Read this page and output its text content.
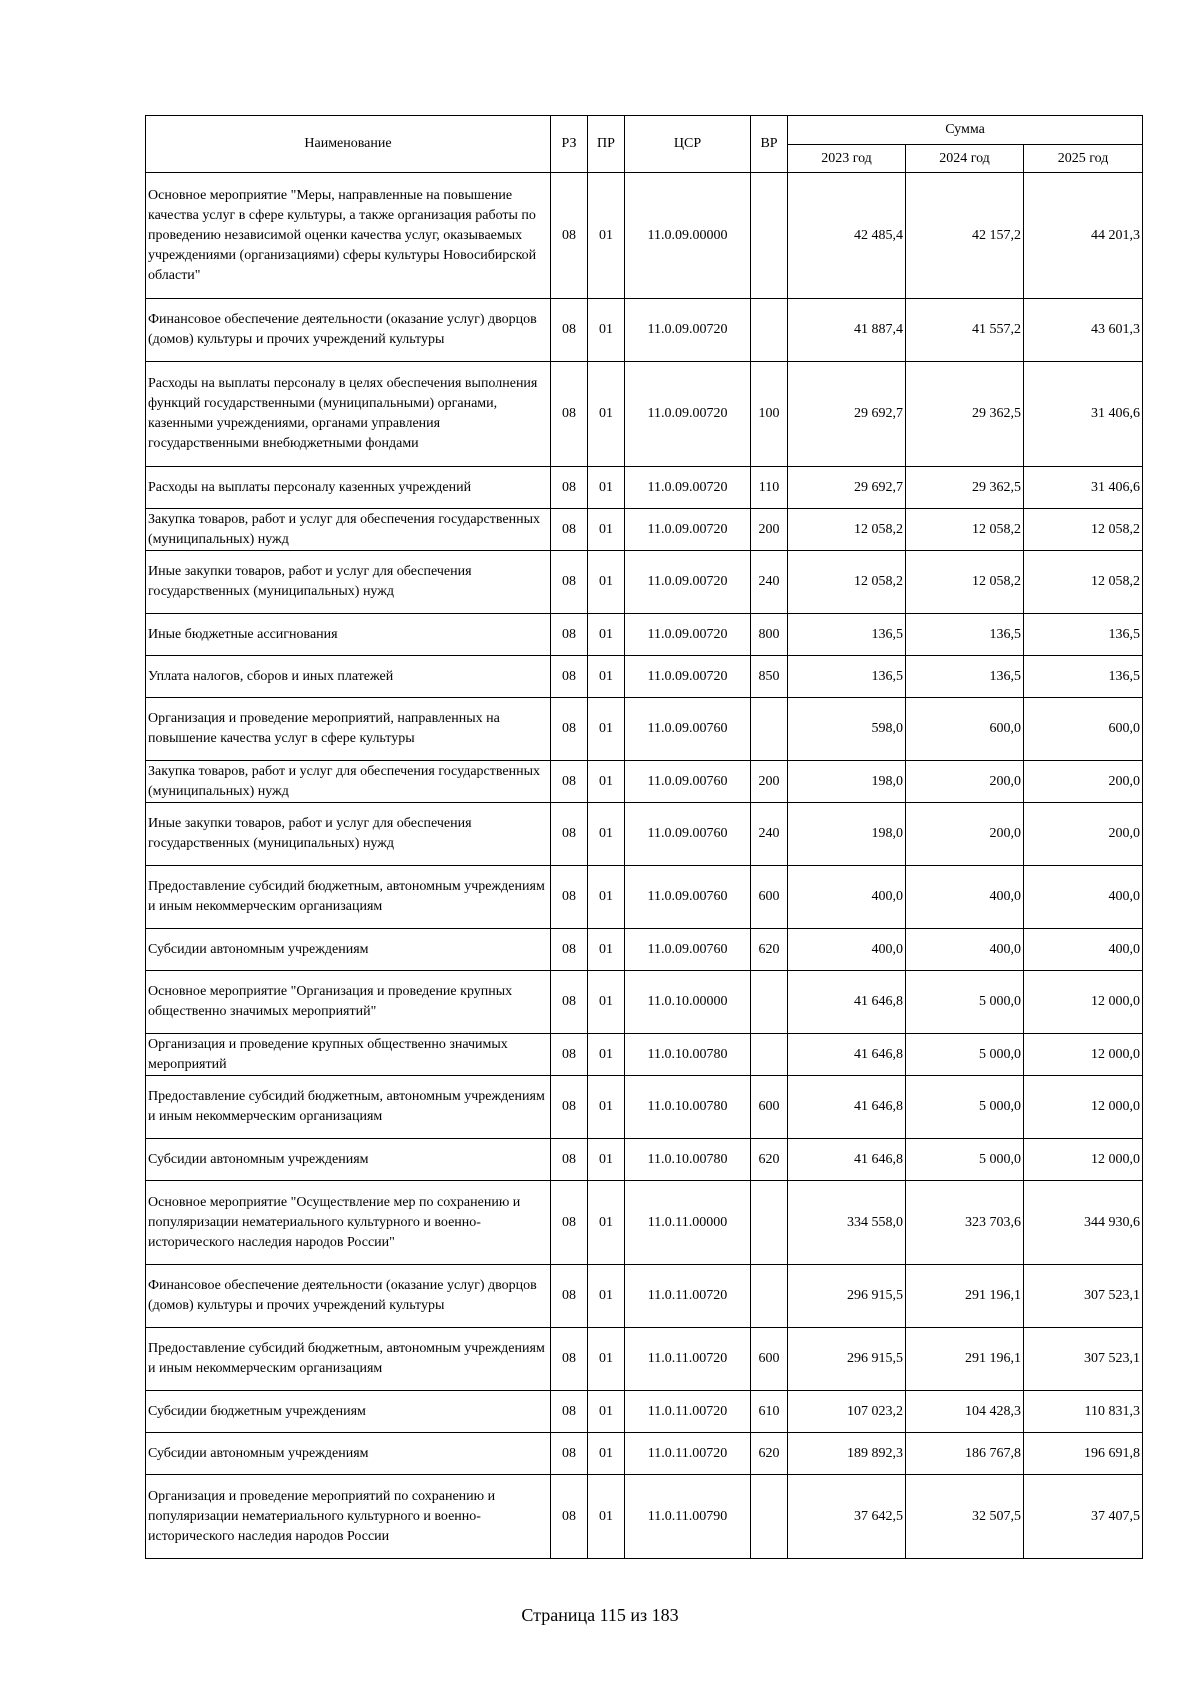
Наименование	РЗ	ПР	ЦСР	ВР	Сумма		
					2023 год	2024 год	2025 год
Основное мероприятие "Меры, направленные на повышение качества услуг в сфере культуры, а также организация работы по проведению независимой оценки качества услуг, оказываемых учреждениями (организациями) сферы культуры Новосибирской области"	08	01	11.0.09.00000		42 485,4	42 157,2	44 201,3
Финансовое обеспечение деятельности (оказание услуг) дворцов (домов) культуры и прочих учреждений культуры	08	01	11.0.09.00720		41 887,4	41 557,2	43 601,3
Расходы на выплаты персоналу в целях обеспечения выполнения функций государственными (муниципальными) органами, казенными учреждениями, органами управления государственными внебюджетными фондами	08	01	11.0.09.00720	100	29 692,7	29 362,5	31 406,6
Расходы на выплаты персоналу казенных учреждений	08	01	11.0.09.00720	110	29 692,7	29 362,5	31 406,6
Закупка товаров, работ и услуг для обеспечения государственных (муниципальных) нужд	08	01	11.0.09.00720	200	12 058,2	12 058,2	12 058,2
Иные закупки товаров, работ и услуг для обеспечения государственных (муниципальных) нужд	08	01	11.0.09.00720	240	12 058,2	12 058,2	12 058,2
Иные бюджетные ассигнования	08	01	11.0.09.00720	800	136,5	136,5	136,5
Уплата налогов, сборов и иных платежей	08	01	11.0.09.00720	850	136,5	136,5	136,5
Организация и проведение мероприятий, направленных на повышение качества услуг в сфере культуры	08	01	11.0.09.00760		598,0	600,0	600,0
Закупка товаров, работ и услуг для обеспечения государственных (муниципальных) нужд	08	01	11.0.09.00760	200	198,0	200,0	200,0
Иные закупки товаров, работ и услуг для обеспечения государственных (муниципальных) нужд	08	01	11.0.09.00760	240	198,0	200,0	200,0
Предоставление субсидий бюджетным, автономным учреждениям и иным некоммерческим организациям	08	01	11.0.09.00760	600	400,0	400,0	400,0
Субсидии автономным учреждениям	08	01	11.0.09.00760	620	400,0	400,0	400,0
Основное мероприятие "Организация и проведение крупных общественно значимых мероприятий"	08	01	11.0.10.00000		41 646,8	5 000,0	12 000,0
Организация и проведение крупных общественно значимых мероприятий	08	01	11.0.10.00780		41 646,8	5 000,0	12 000,0
Предоставление субсидий бюджетным, автономным учреждениям и иным некоммерческим организациям	08	01	11.0.10.00780	600	41 646,8	5 000,0	12 000,0
Субсидии автономным учреждениям	08	01	11.0.10.00780	620	41 646,8	5 000,0	12 000,0
Основное мероприятие "Осуществление мер по сохранению и популяризации нематериального культурного и военно-исторического наследия народов России"	08	01	11.0.11.00000		334 558,0	323 703,6	344 930,6
Финансовое обеспечение деятельности (оказание услуг) дворцов (домов) культуры и прочих учреждений культуры	08	01	11.0.11.00720		296 915,5	291 196,1	307 523,1
Предоставление субсидий бюджетным, автономным учреждениям и иным некоммерческим организациям	08	01	11.0.11.00720	600	296 915,5	291 196,1	307 523,1
Субсидии бюджетным учреждениям	08	01	11.0.11.00720	610	107 023,2	104 428,3	110 831,3
Субсидии автономным учреждениям	08	01	11.0.11.00720	620	189 892,3	186 767,8	196 691,8
Организация и проведение мероприятий по сохранению и популяризации нематериального культурного и военно-исторического наследия народов России	08	01	11.0.11.00790		37 642,5	32 507,5	37 407,5
Страница 115 из 183
